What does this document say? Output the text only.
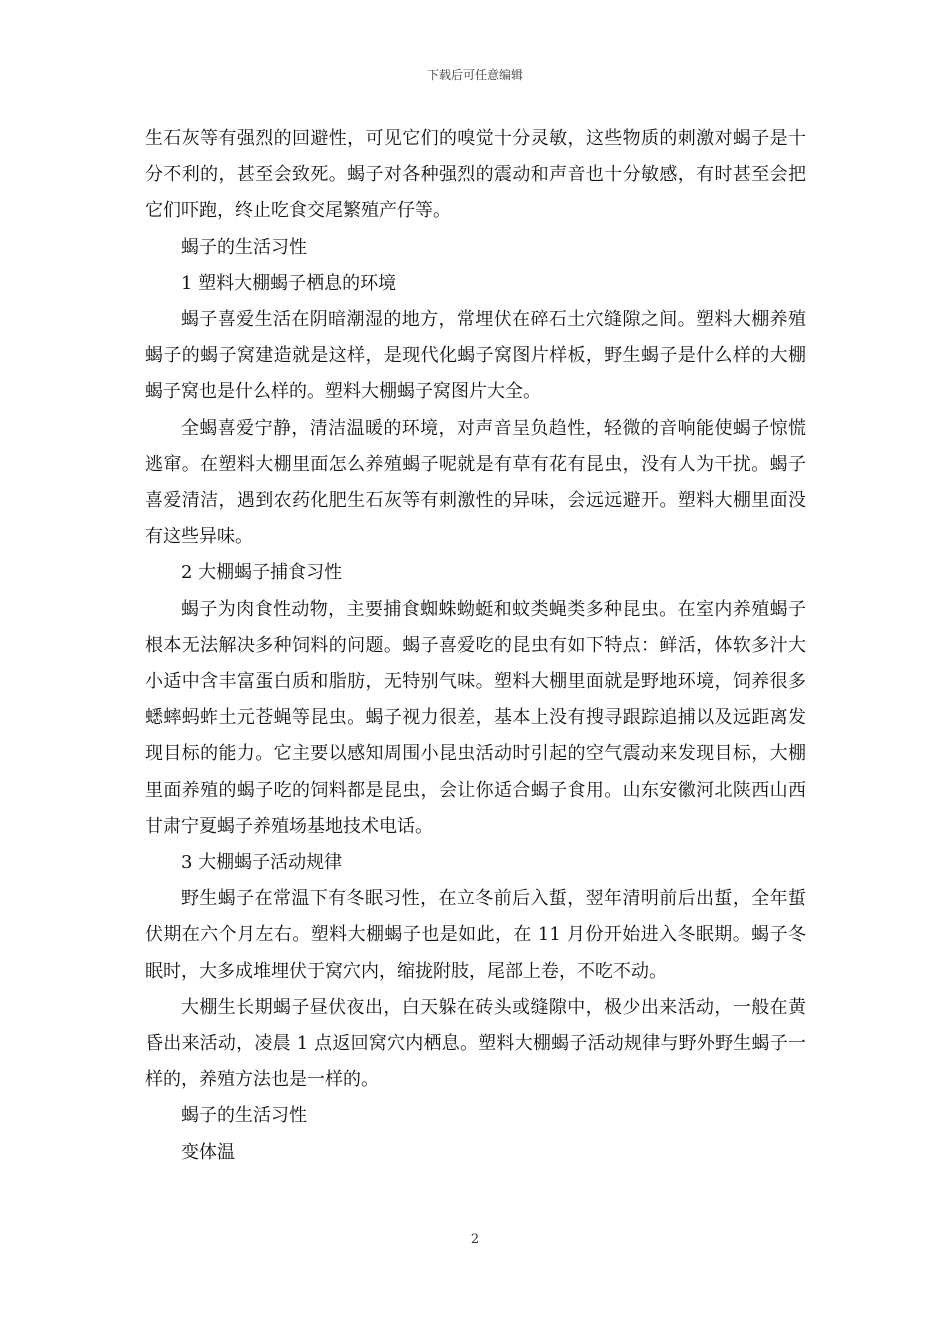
下载后可任意编辑

生石灰等有强烈的回避性，可见它们的嗅觉十分灵敏，这些物质的刺激对蝎子是十分不利的，甚至会致死。蝎子对各种强烈的震动和声音也十分敏感，有时甚至会把它们吓跑，终止吃食交尾繁殖产仔等。

蝎子的生活习性

1 塑料大棚蝎子栖息的环境

蝎子喜爱生活在阴暗潮湿的地方，常埋伏在碎石土穴缝隙之间。塑料大棚养殖蝎子的蝎子窝建造就是这样，是现代化蝎子窝图片样板，野生蝎子是什么样的大棚蝎子窝也是什么样的。塑料大棚蝎子窝图片大全。

全蝎喜爱宁静，清洁温暖的环境，对声音呈负趋性，轻微的音响能使蝎子惊慌逃窜。在塑料大棚里面怎么养殖蝎子呢就是有草有花有昆虫，没有人为干扰。蝎子喜爱清洁，遇到农药化肥生石灰等有刺激性的异味，会远远避开。塑料大棚里面没有这些异味。

2 大棚蝎子捕食习性

蝎子为肉食性动物，主要捕食蜘蛛蚴蜓和蚊类蝇类多种昆虫。在室内养殖蝎子根本无法解决多种饲料的问题。蝎子喜爱吃的昆虫有如下特点：鲜活，体软多汁大小适中含丰富蛋白质和脂肪，无特别气味。塑料大棚里面就是野地环境，饲养很多蟋蟀蚂蚱土元苍蝇等昆虫。蝎子视力很差，基本上没有搜寻跟踪追捕以及远距离发现目标的能力。它主要以感知周围小昆虫活动时引起的空气震动来发现目标，大棚里面养殖的蝎子吃的饲料都是昆虫，会让你适合蝎子食用。山东安徽河北陕西山西甘肃宁夏蝎子养殖场基地技术电话。

3 大棚蝎子活动规律

野生蝎子在常温下有冬眠习性，在立冬前后入蜇，翌年清明前后出蜇，全年蜇伏期在六个月左右。塑料大棚蝎子也是如此，在 11 月份开始进入冬眠期。蝎子冬眠时，大多成堆埋伏于窝穴内，缩拢附肢，尾部上卷，不吃不动。

大棚生长期蝎子昼伏夜出，白天躲在砖头或缝隙中，极少出来活动，一般在黄昏出来活动，凌晨 1 点返回窝穴内栖息。塑料大棚蝎子活动规律与野外野生蝎子一样的，养殖方法也是一样的。

蝎子的生活习性

变体温

2
